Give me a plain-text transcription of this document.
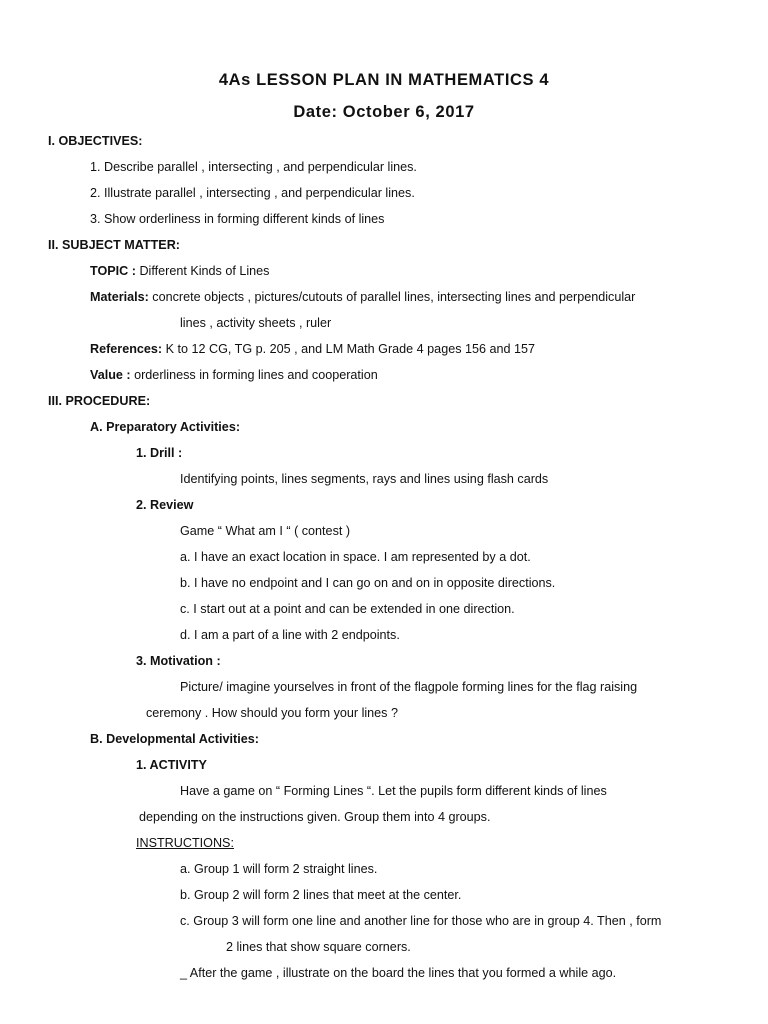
4As LESSON PLAN IN MATHEMATICS 4
Date: October 6, 2017
I. OBJECTIVES:
1. Describe parallel , intersecting , and perpendicular lines.
2. Illustrate parallel , intersecting , and perpendicular lines.
3. Show orderliness in forming different kinds of lines
II. SUBJECT MATTER:
TOPIC : Different Kinds of Lines
Materials: concrete objects , pictures/cutouts of parallel lines, intersecting lines and perpendicular
lines , activity sheets , ruler
References: K to 12 CG, TG p. 205 , and LM Math Grade 4 pages 156 and 157
Value : orderliness in forming lines and cooperation
III. PROCEDURE:
A. Preparatory Activities:
1. Drill :
Identifying points, lines segments, rays and lines using flash cards
2. Review
Game “ What am I “ ( contest )
a. I have an exact location in space. I am represented by a dot.
b. I have no endpoint and I can go on and on in opposite directions.
c. I start out at a point and can be extended in one direction.
d. I am a part of a line with 2 endpoints.
3. Motivation :
Picture/ imagine yourselves in front of the flagpole forming lines for the flag raising
ceremony . How should you form your lines ?
B. Developmental Activities:
1. ACTIVITY
Have a game on “ Forming Lines “. Let the pupils form different kinds of lines
depending on the instructions given. Group them into 4 groups.
INSTRUCTIONS:
a. Group 1 will form 2 straight lines.
b. Group 2 will form 2 lines that meet at the center.
c. Group 3 will form one line and another line for those who are in group 4. Then , form
2 lines that show square corners.
_ After the game , illustrate on the board the lines that you formed a while ago.
